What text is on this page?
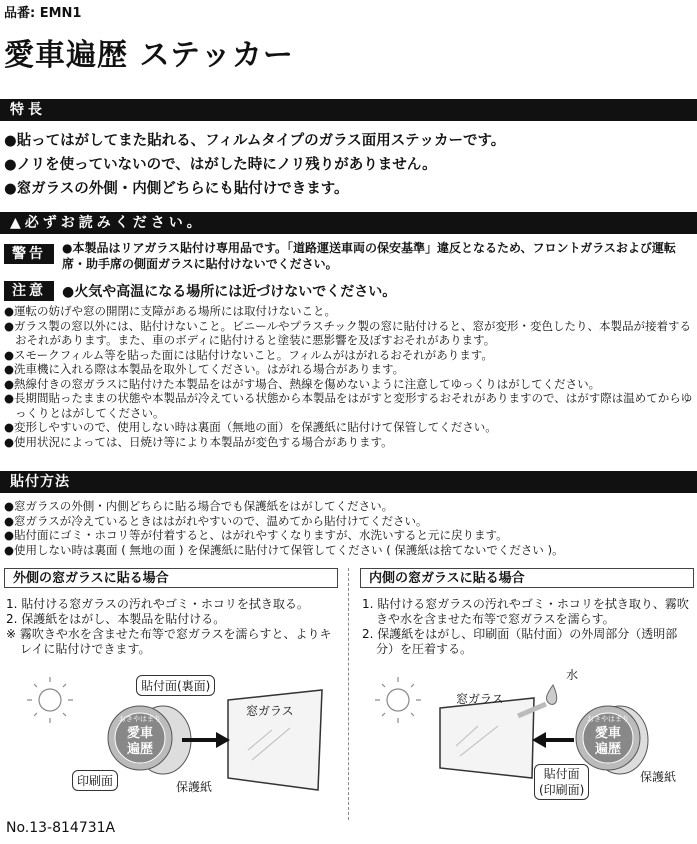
品番: EMN1
愛車遍歴 ステッカー
特長
●貼ってはがしてまた貼れる、フィルムタイプのガラス面用ステッカーです。
●ノリを使っていないので、はがした時にノリ残りがありません。
●窓ガラスの外側・内側どちらにも貼付けできます。
▲ 必ずお読みください。
警告	●本製品はリアガラス貼付け専用品です。「道路運送車両の保安基準」違反となるため、フロントガラスおよび運転席・助手席の側面ガラスに貼付けないでください。
注意	●火気や高温になる場所には近づけないでください。

●運転の妨げや窓の開閉に支障がある場所には取付けないこと。

●ガラス製の窓以外には、貼付けないこと。ビニールやプラスチック製の窓に貼付けると、窓が変形・変色したり、本製品が接着するおそれがあります。また、車のボディに貼付けると塗装に悪影響を及ぼすおそれがあります。

●スモークフィルム等を貼った面には貼付けないこと。フィルムがはがれるおそれがあります。

●洗車機に入れる際は本製品を取外してください。はがれる場合があります。

●熱線付きの窓ガラスに貼付けた本製品をはがす場合、熱線を傷めないように注意してゆっくりはがしてください。

●長期間貼ったままの状態や本製品が冷えている状態から本製品をはがすと変形するおそれがありますので、はがす際は温めてからゆっくりとはがしてください。

●変形しやすいので、使用しない時は裏面（無地の面）を保護紙に貼付けて保管してください。

●使用状況によっては、日焼け等により本製品が変色する場合があります。

貼付方法

●窓ガラスの外側・内側どちらに貼る場合でも保護紙をはがしてください。

●窓ガラスが冷えているときははがれやすいので、温めてから貼付けてください。

●貼付面にゴミ・ホコリ等が付着すると、はがれやすくなりますが、水洗いすると元に戻ります。

●使用しない時は裏面 ( 無地の面 ) を保護紙に貼付けて保管してください ( 保護紙は捨てないでください )。

外側の窓ガラスに貼る場合

1. 貼付ける窓ガラスの汚れやゴミ・ホコリを拭き取る。

2. 保護紙をはがし、本製品を貼付ける。

※ 霧吹きや水を含ませた布等で窓ガラスを濡らすと、よりキレイに貼付けできます。

おきやはまり
愛車
遍歴
貼付面(裏面)
窓ガラス
印刷面	保護紙
内側の窓ガラスに貼る場合

1. 貼付ける窓ガラスの汚れやゴミ・ホコリを拭き取り、霧吹きや水を含ませた布等で窓ガラスを濡らす。

2. 保護紙をはがし、印刷面（貼付面）の外周部分（透明部分）を圧着する。

おきやはまり
愛車
遍歴
水
窓ガラス
貼付面
(印刷面)
保護紙
No.13-814731A
